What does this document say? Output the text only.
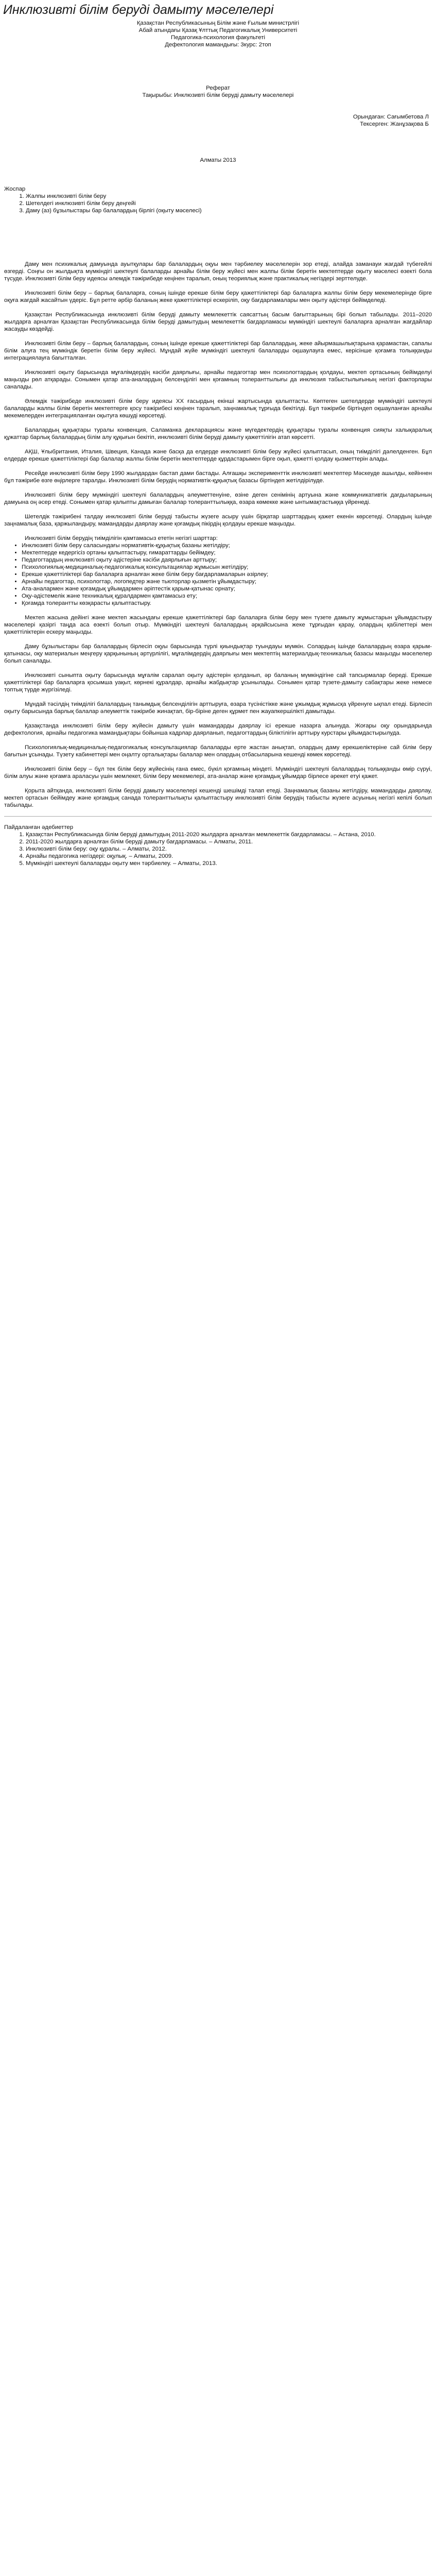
Инклюзивті білім беруді дамыту мәселелері

Қазақстан Республикасының Білім және Ғылым министрлігі

Абай атындағы Қазақ Ұлттық Педагогикалық Университеті

Педагогика-психология факультеті

Дефектология мамандығы: 3курс: 2топ

Реферат

Тақырыбы: Инклюзивті білім беруді дамыту мәселелері

Орындаған: Сағымбетова Л

Тексерген: Жанұзақова Б

Алматы 2013

Жоспар

1. Жалпы инклюзивті білім беру
2. Шетелдегі инклюзивті білім беру деңгейі
3. Даму (аз) бұзылыстары бар балалардың бірлігі (оқыту мәселесі)

Даму мен психикалық дамуында ауытқулары бар балалардың оқуы мен тәрбиелеу мәселелерін зор етеді, алайда заманауи жағдай түбегейлі өзгерді. Соңғы он жылдықта мүмкіндігі шектеулі балаларды арнайы білім беру жүйесі мен жалпы білім беретін мектептерде оқыту мәселесі өзекті бола түсуде. Инклюзивті білім беру идеясы әлемдік тәжірибеде кеңінен таралып, оның теориялық және практикалық негіздері зерттелуде.

Инклюзивті білім беру – барлық балаларға, соның ішінде ерекше білім беру қажеттіліктері бар балаларға жалпы білім беру мекемелерінде бірге оқуға жағдай жасайтын үдеріс. Бұл ретте әрбір баланың жеке қажеттіліктері ескеріліп, оқу бағдарламалары мен оқыту әдістері бейімделеді.

Қазақстан Республикасында инклюзивті білім беруді дамыту мемлекеттік саясаттың басым бағыттарының бірі болып табылады. 2011–2020 жылдарға арналған Қазақстан Республикасында білім беруді дамытудың мемлекеттік бағдарламасы мүмкіндігі шектеулі балаларға арналған жағдайлар жасауды көздейді.

Инклюзивті білім беру – барлық балалардың, соның ішінде ерекше қажеттіліктері бар балалардың, жеке айырмашылықтарына қарамастан, сапалы білім алуға тең мүмкіндік беретін білім беру жүйесі. Мұндай жүйе мүмкіндігі шектеулі балаларды оқшаулауға емес, керісінше қоғамға толыққанды интеграциялауға бағытталған.

Инклюзивті оқыту барысында мұғалімдердің кәсіби даярлығы, арнайы педагогтар мен психологтардың қолдауы, мектеп ортасының бейімделуі маңызды рөл атқарады. Сонымен қатар ата-аналардың белсенділігі мен қоғамның толеранттылығы да инклюзия табыстылығының негізгі факторлары саналады.

Әлемдік тәжірибеде инклюзивті білім беру идеясы ХХ ғасырдың екінші жартысында қалыптасты. Көптеген шетелдерде мүмкіндігі шектеулі балаларды жалпы білім беретін мектептерге қосу тәжірибесі кеңінен таралып, заңнамалық тұрғыда бекітілді. Бұл тәжірибе біртіндеп оқшауланған арнайы мекемелерден интеграцияланған оқытуға көшуді көрсетеді.

Балалардың құқықтары туралы конвенция, Саламанка декларациясы және мүгедектердің құқықтары туралы конвенция сияқты халықаралық құжаттар барлық балалардың білім алу құқығын бекітіп, инклюзивті білім беруді дамыту қажеттілігін атап көрсетті.

АҚШ, Ұлыбритания, Италия, Швеция, Канада және басқа да елдерде инклюзивті білім беру жүйесі қалыптасып, оның тиімділігі дәлелденген. Бұл елдерде ерекше қажеттіліктері бар балалар жалпы білім беретін мектептерде құрдастарымен бірге оқып, қажетті қолдау қызметтерін алады.

Ресейде инклюзивті білім беру 1990 жылдардан бастап дами бастады. Алғашқы эксперименттік инклюзивті мектептер Мәскеуде ашылды, кейіннен бұл тәжірибе өзге өңірлерге таралды. Инклюзивті білім берудің нормативтік-құқықтық базасы біртіндеп жетілдірілуде.

Инклюзивті білім беру мүмкіндігі шектеулі балалардың әлеуметтенуіне, өзіне деген сенімінің артуына және коммуникативтік дағдыларының дамуына оң әсер етеді. Сонымен қатар қалыпты дамыған балалар толеранттылыққа, өзара көмекке және ынтымақтастыққа үйренеді.

Шетелдік тәжірибені талдау инклюзивті білім беруді табысты жүзеге асыру үшін бірқатар шарттардың қажет екенін көрсетеді. Олардың ішінде заңнамалық база, қаржыландыру, мамандарды даярлау және қоғамдық пікірдің қолдауы ерекше маңызды.

Инклюзивті білім берудің тиімділігін қамтамасыз ететін негізгі шарттар:

• Инклюзивті білім беру саласындағы нормативтік-құқықтық базаны жетілдіру;
• Мектептерде кедергісіз ортаны қалыптастыру, ғимараттарды бейімдеу;
• Педагогтардың инклюзивті оқыту әдістеріне кәсіби даярлығын арттыру;
• Психологиялық-медициналық-педагогикалық консультациялар жұмысын жетілдіру;
• Ерекше қажеттіліктері бар балаларға арналған жеке білім беру бағдарламаларын әзірлеу;
• Арнайы педагогтар, психологтар, логопедтер және тьюторлар қызметін ұйымдастыру;
• Ата-аналармен және қоғамдық ұйымдармен әріптестік қарым-қатынас орнату;
• Оқу-әдістемелік және техникалық құралдармен қамтамасыз ету;
• Қоғамда толерантты көзқарасты қалыптастыру.

Мектеп жасына дейінгі және мектеп жасындағы ерекше қажеттіліктері бар балаларға білім беру мен түзете дамыту жұмыстарын ұйымдастыру мәселелері қазіргі таңда аса өзекті болып отыр. Мүмкіндігі шектеулі балалардың әрқайсысына жеке тұрғыдан қарау, олардың қабілеттері мен қажеттіліктерін ескеру маңызды.

Даму бұзылыстары бар балалардың бірлесіп оқуы барысында түрлі қиындықтар туындауы мүмкін. Солардың ішінде балалардың өзара қарым-қатынасы, оқу материалын меңгеру қарқынының әртүрлілігі, мұғалімдердің даярлығы мен мектептің материалдық-техникалық базасы маңызды мәселелер болып саналады.

Инклюзивті сыныпта оқыту барысында мұғалім саралап оқыту әдістерін қолданып, әр баланың мүмкіндігіне сай тапсырмалар береді. Ерекше қажеттіліктері бар балаларға қосымша уақыт, көрнекі құралдар, арнайы жабдықтар ұсынылады. Сонымен қатар түзете-дамыту сабақтары жеке немесе топтық түрде жүргізіледі.

Мұндай тәсілдің тиімділігі балалардың танымдық белсенділігін арттыруға, өзара түсіністікке және ұжымдық жұмысқа үйренуге ықпал етеді. Бірлесіп оқыту барысында барлық балалар әлеуметтік тәжірибе жинақтап, бір-біріне деген құрмет пен жауапкершілікті дамытады.

Қазақстанда инклюзивті білім беру жүйесін дамыту үшін мамандарды даярлау ісі ерекше назарға алынуда. Жоғары оқу орындарында дефектология, арнайы педагогика мамандықтары бойынша кадрлар даярланып, педагогтардың біліктілігін арттыру курстары ұйымдастырылуда.

Психологиялық-медициналық-педагогикалық консультациялар балаларды ерте жастан анықтап, олардың даму ерекшеліктеріне сай білім беру бағытын ұсынады. Түзету кабинеттері мен оңалту орталықтары балалар мен олардың отбасыларына кешенді көмек көрсетеді.

Инклюзивті білім беру – бұл тек білім беру жүйесінің ғана емес, бүкіл қоғамның міндеті. Мүмкіндігі шектеулі балалардың толыққанды өмір сүруі, білім алуы және қоғамға араласуы үшін мемлекет, білім беру мекемелері, ата-аналар және қоғамдық ұйымдар бірлесе әрекет етуі қажет.

Қорыта айтқанда, инклюзивті білім беруді дамыту мәселелері кешенді шешімді талап етеді. Заңнамалық базаны жетілдіру, мамандарды даярлау, мектеп ортасын бейімдеу және қоғамдық санада толеранттылықты қалыптастыру инклюзивті білім берудің табысты жүзеге асуының негізгі кепілі болып табылады.

Пайдаланған әдебиеттер

1. Қазақстан Республикасында білім беруді дамытудың 2011-2020 жылдарға арналған мемлекеттік бағдарламасы. – Астана, 2010.
2. 2011-2020 жылдарға арналған білім беруді дамыту бағдарламасы. – Алматы, 2011.
3. Инклюзивті білім беру: оқу құралы. – Алматы, 2012.
4. Арнайы педагогика негіздері: оқулық. – Алматы, 2009.
5. Мүмкіндігі шектеулі балаларды оқыту мен тәрбиелеу. – Алматы, 2013.
